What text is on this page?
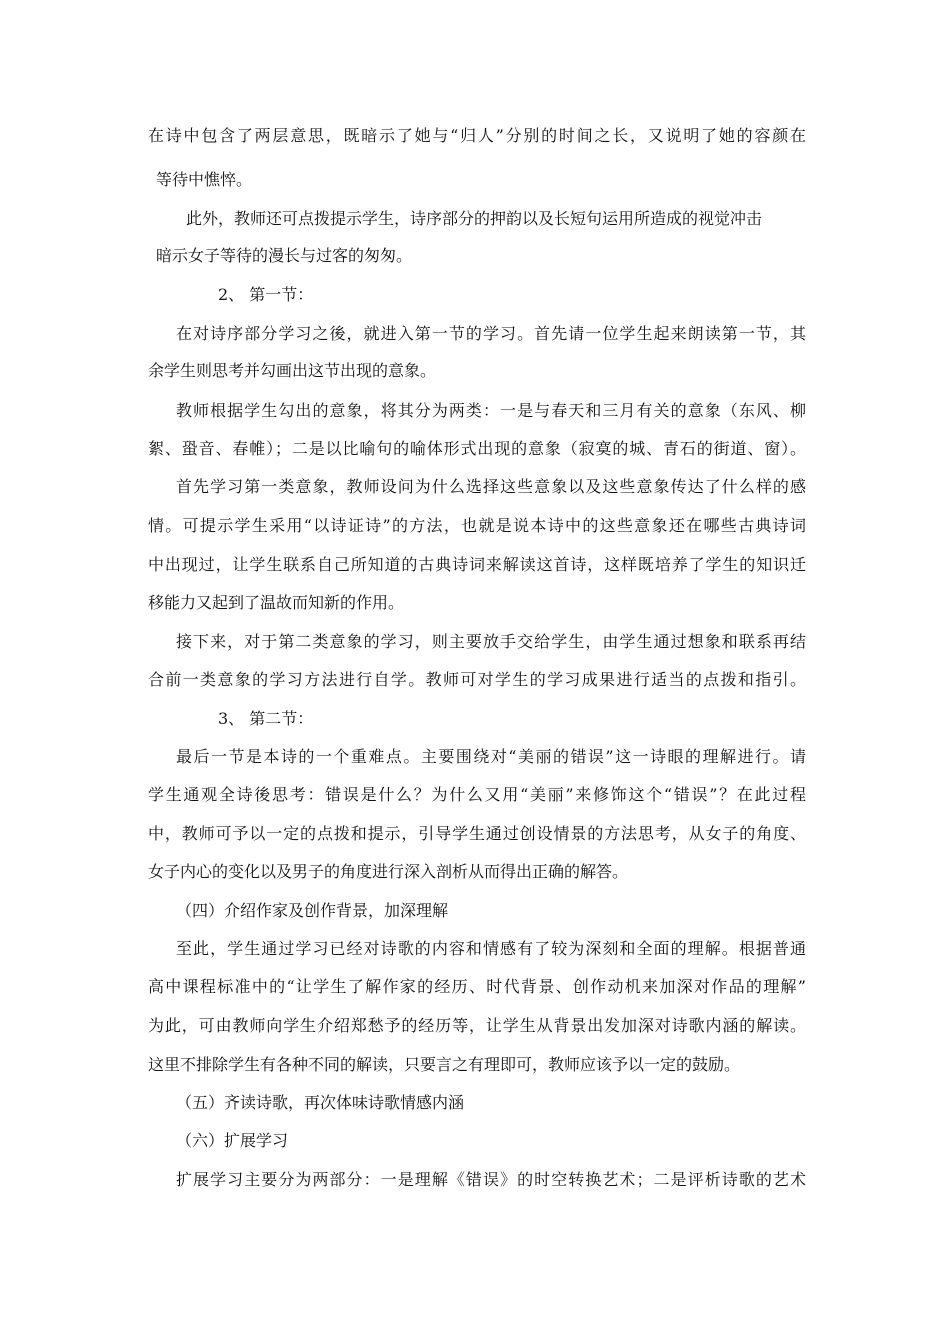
在诗中包含了两层意思，既暗示了她与“归人”分别的时间之长，又说明了她的容颜在
等待中憔悴。
此外，教师还可点拨提示学生，诗序部分的押韵以及长短句运用所造成的视觉冲击
暗示女子等待的漫长与过客的匆匆。
2、 第一节：
在对诗序部分学习之後，就进入第一节的学习。首先请一位学生起来朗读第一节，其
余学生则思考并勾画出这节出现的意象。
教师根据学生勾出的意象，将其分为两类：一是与春天和三月有关的意象（东风、柳
絮、蛩音、春帷）；二是以比喻句的喻体形式出现的意象（寂寞的城、青石的街道、窗）。
首先学习第一类意象，教师设问为什么选择这些意象以及这些意象传达了什么样的感
情。可提示学生采用“以诗证诗”的方法，也就是说本诗中的这些意象还在哪些古典诗词
中出现过，让学生联系自己所知道的古典诗词来解读这首诗，这样既培养了学生的知识迁
移能力又起到了温故而知新的作用。
接下来，对于第二类意象的学习，则主要放手交给学生，由学生通过想象和联系再结
合前一类意象的学习方法进行自学。教师可对学生的学习成果进行适当的点拨和指引。
3、 第二节：
最后一节是本诗的一个重难点。主要围绕对“美丽的错误”这一诗眼的理解进行。请
学生通观全诗後思考：错误是什么？为什么又用“美丽”来修饰这个“错误”？在此过程
中，教师可予以一定的点拨和提示，引导学生通过创设情景的方法思考，从女子的角度、
女子内心的变化以及男子的角度进行深入剖析从而得出正确的解答。
（四）介绍作家及创作背景，加深理解
至此，学生通过学习已经对诗歌的内容和情感有了较为深刻和全面的理解。根据普通
高中课程标准中的“让学生了解作家的经历、时代背景、创作动机来加深对作品的理解”
为此，可由教师向学生介绍郑愁予的经历等，让学生从背景出发加深对诗歌内涵的解读。
这里不排除学生有各种不同的解读，只要言之有理即可，教师应该予以一定的鼓励。
（五）齐读诗歌，再次体味诗歌情感内涵
（六）扩展学习
扩展学习主要分为两部分：一是理解《错误》的时空转换艺术；二是评析诗歌的艺术
